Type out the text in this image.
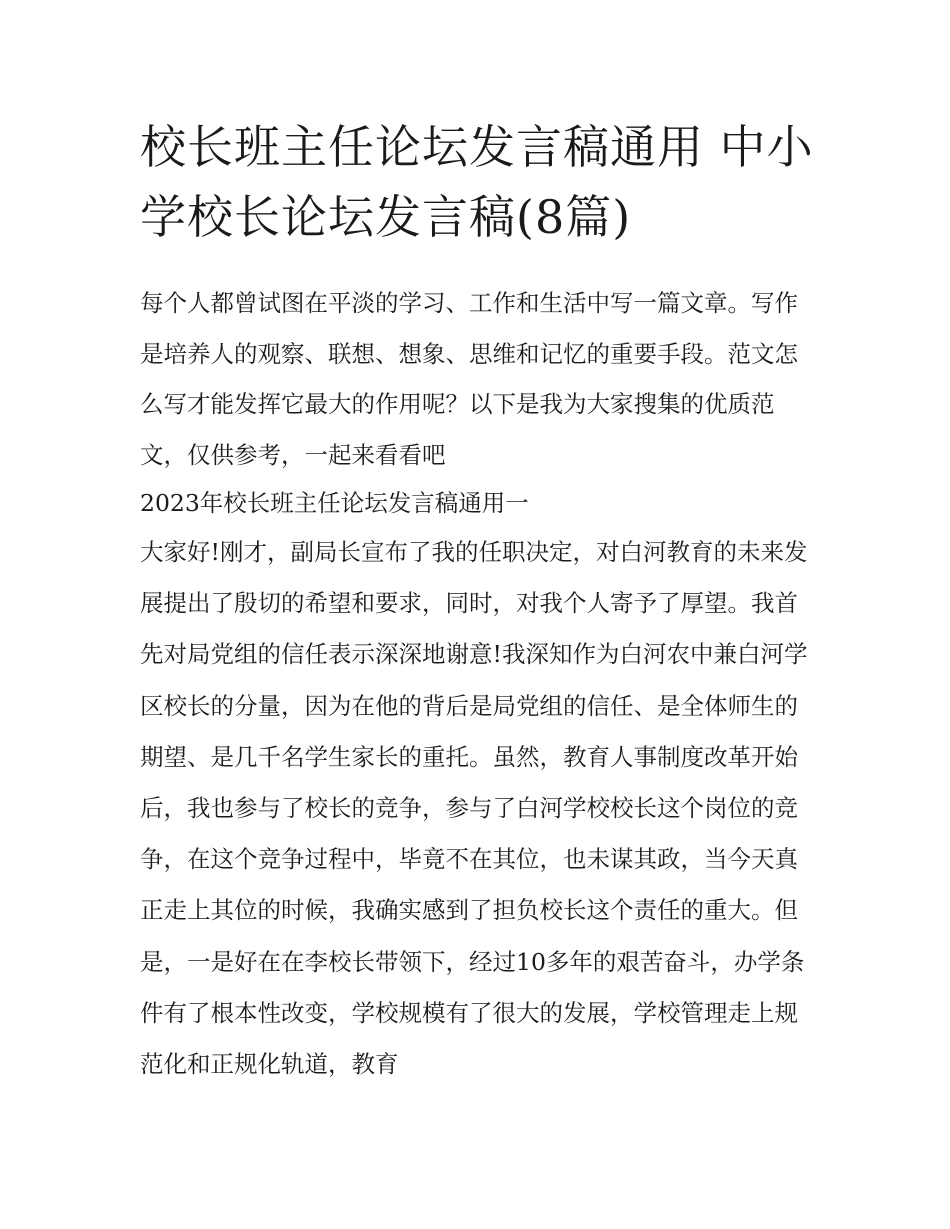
校长班主任论坛发言稿通用 中小学校长论坛发言稿(8篇)

每个人都曾试图在平淡的学习、工作和生活中写一篇文章。写作是培养人的观察、联想、想象、思维和记忆的重要手段。范文怎么写才能发挥它最大的作用呢？以下是我为大家搜集的优质范文，仅供参考，一起来看看吧

2023年校长班主任论坛发言稿通用一

大家好!刚才，副局长宣布了我的任职决定，对白河教育的未来发展提出了殷切的希望和要求，同时，对我个人寄予了厚望。我首先对局党组的信任表示深深地谢意!我深知作为白河农中兼白河学区校长的分量，因为在他的背后是局党组的信任、是全体师生的期望、是几千名学生家长的重托。虽然，教育人事制度改革开始后，我也参与了校长的竞争，参与了白河学校校长这个岗位的竞争，在这个竞争过程中，毕竟不在其位，也未谋其政，当今天真正走上其位的时候，我确实感到了担负校长这个责任的重大。但是，一是好在在李校长带领下，经过10多年的艰苦奋斗，办学条件有了根本性改变，学校规模有了很大的发展，学校管理走上规范化和正规化轨道，教育
